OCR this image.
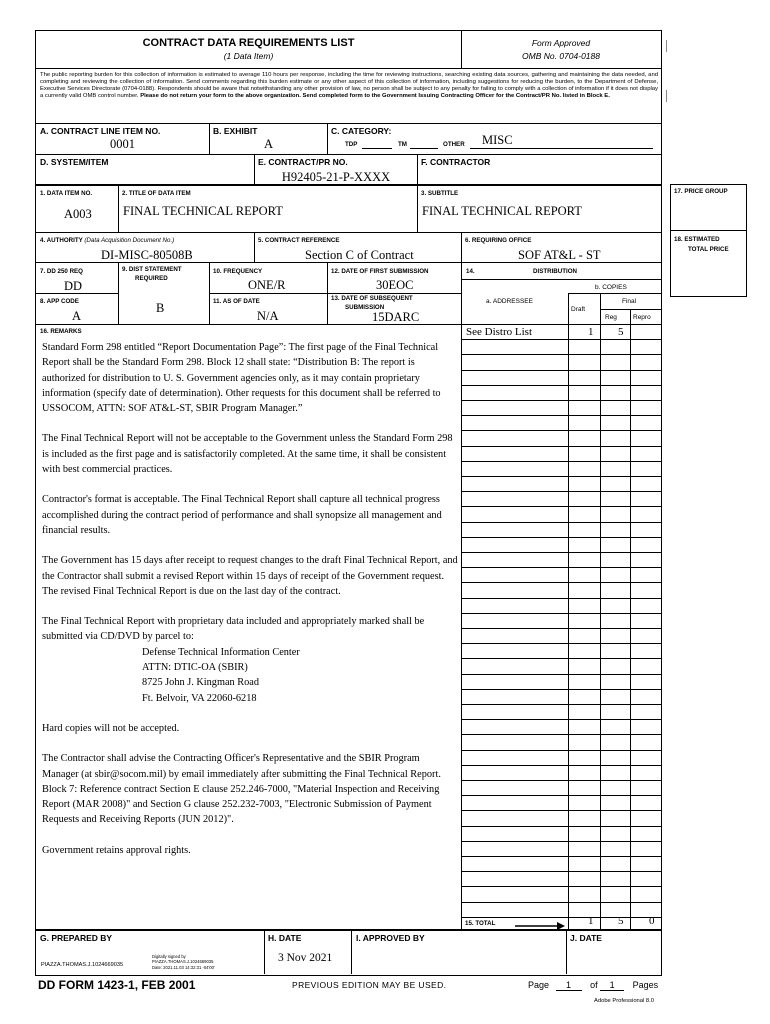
CONTRACT DATA REQUIREMENTS LIST
(1 Data Item)
Form Approved
OMB No. 0704-0188
The public reporting burden for this collection of information is estimated to average 110 hours per response, including the time for reviewing instructions, searching existing data sources, gathering and maintaining the data needed, and completing and reviewing the collection of information. Send comments regarding this burden estimate or any other aspect of this collection of information, including suggestions for reducing the burden, to the Department of Defense, Executive Services Directorate (0704-0188). Respondents should be aware that notwithstanding any other provision of law, no person shall be subject to any penalty for failing to comply with a collection of information if it does not display a currently valid OMB control number. Please do not return your form to the above organization. Send completed form to the Government Issuing Contracting Officer for the Contract/PR No. listed in Block E.
A. CONTRACT LINE ITEM NO.
0001
B. EXHIBIT
A
C. CATEGORY:
TDP	TM	OTHER MISC
D. SYSTEM/ITEM	E. CONTRACT/PR NO.
H92405-21-P-XXXX
F. CONTRACTOR
1. DATA ITEM NO.
A003
2. TITLE OF DATA ITEM
FINAL TECHNICAL REPORT
3. SUBTITLE
FINAL TECHNICAL REPORT
17. PRICE GROUP
18. ESTIMATED
TOTAL PRICE
4. AUTHORITY (Data Acquisition Document No.)
DI-MISC-80508B
5. CONTRACT REFERENCE
Section C of Contract
6. REQUIRING OFFICE
SOF AT&L - ST
7. DD 250 REQ
DD
8. APP CODE
A
9. DIST STATEMENT
REQUIRED
B
10. FREQUENCY
ONE/R
11. AS OF DATE
N/A
12. DATE OF FIRST SUBMISSION
30EOC
13. DATE OF SUBSEQUENT
SUBMISSION
15DARC
14.	DISTRIBUTION
b. COPIES
a. ADDRESSEE
Draft
Final
Reg Repro
See Distro List	1 5
16. REMARKS

Standard Form 298 entitled “Report Documentation Page”: The first page of the Final Technical Report shall be the Standard Form 298. Block 12 shall state: “Distribution B: The report is authorized for distribution to U. S. Government agencies only, as it may contain proprietary information (specify date of determination). Other requests for this document shall be referred to USSOCOM, ATTN: SOF AT&L-ST, SBIR Program Manager.”

The Final Technical Report will not be acceptable to the Government unless the Standard Form 298 is included as the first page and is satisfactorily completed. At the same time, it shall be consistent with best commercial practices.

Contractor's format is acceptable. The Final Technical Report shall capture all technical progress accomplished during the contract period of performance and shall synopsize all management and financial results.

The Government has 15 days after receipt to request changes to the draft Final Technical Report, and the Contractor shall submit a revised Report within 15 days of receipt of the Government request. The revised Final Technical Report is due on the last day of the contract.

The Final Technical Report with proprietary data included and appropriately marked shall be submitted via CD/DVD by parcel to:

Defense Technical Information Center

ATTN: DTIC-OA (SBIR)

8725 John J. Kingman Road

Ft. Belvoir, VA 22060-6218

Hard copies will not be accepted.

The Contractor shall advise the Contracting Officer's Representative and the SBIR Program Manager (at sbir@socom.mil) by email immediately after submitting the Final Technical Report.

Block 7: Reference contract Section E clause 252.246-7000, "Material Inspection and Receiving Report (MAR 2008)" and Section G clause 252.232-7003, "Electronic Submission of Payment Requests and Receiving Reports (JUN 2012)".

Government retains approval rights.

15. TOTAL	1 5 0
G. PREPARED BY
PIAZZA.THOMAS.J.1024669035
Digitally signed by
PIAZZA.THOMAS.J.1024669035
Date: 2021.11.03 14:32:31 -04'00'
H. DATE
3 Nov 2021
I. APPROVED BY	J. DATE
DD FORM 1423-1, FEB 2001	PREVIOUS EDITION MAY BE USED.	Page 1 of 1 Pages
Adobe Professional 8.0
